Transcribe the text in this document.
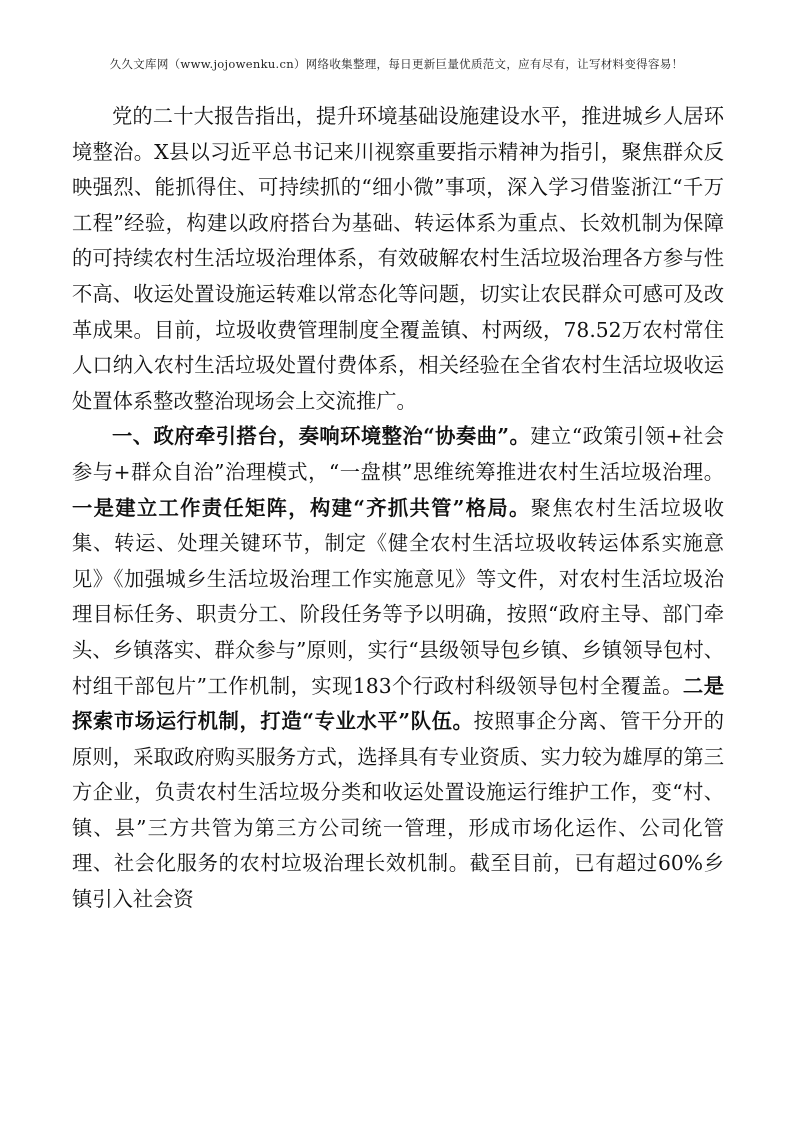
久久文库网（www.jojowenku.cn）网络收集整理，每日更新巨量优质范文，应有尽有，让写材料变得容易！

党的二十大报告指出，提升环境基础设施建设水平，推进城乡人居环境整治。X县以习近平总书记来川视察重要指示精神为指引，聚焦群众反映强烈、能抓得住、可持续抓的“细小微”事项，深入学习借鉴浙江“千万工程”经验，构建以政府搭台为基础、转运体系为重点、长效机制为保障的可持续农村生活垃圾治理体系，有效破解农村生活垃圾治理各方参与性不高、收运处置设施运转难以常态化等问题，切实让农民群众可感可及改革成果。目前，垃圾收费管理制度全覆盖镇、村两级，78.52万农村常住人口纳入农村生活垃圾处置付费体系，相关经验在全省农村生活垃圾收运处置体系整改整治现场会上交流推广。

一、政府牵引搭台，奏响环境整治“协奏曲”。建立“政策引领+社会参与+群众自治”治理模式，“一盘棋”思维统筹推进农村生活垃圾治理。一是建立工作责任矩阵，构建“齐抓共管”格局。聚焦农村生活垃圾收集、转运、处理关键环节，制定《健全农村生活垃圾收转运体系实施意见》《加强城乡生活垃圾治理工作实施意见》等文件，对农村生活垃圾治理目标任务、职责分工、阶段任务等予以明确，按照“政府主导、部门牵头、乡镇落实、群众参与”原则，实行“县级领导包乡镇、乡镇领导包村、村组干部包片”工作机制，实现183个行政村科级领导包村全覆盖。二是探索市场运行机制，打造“专业水平”队伍。按照事企分离、管干分开的原则，采取政府购买服务方式，选择具有专业资质、实力较为雄厚的第三方企业，负责农村生活垃圾分类和收运处置设施运行维护工作，变“村、镇、县”三方共管为第三方公司统一管理，形成市场化运作、公司化管理、社会化服务的农村垃圾治理长效机制。截至目前，已有超过60%乡镇引入社会资
